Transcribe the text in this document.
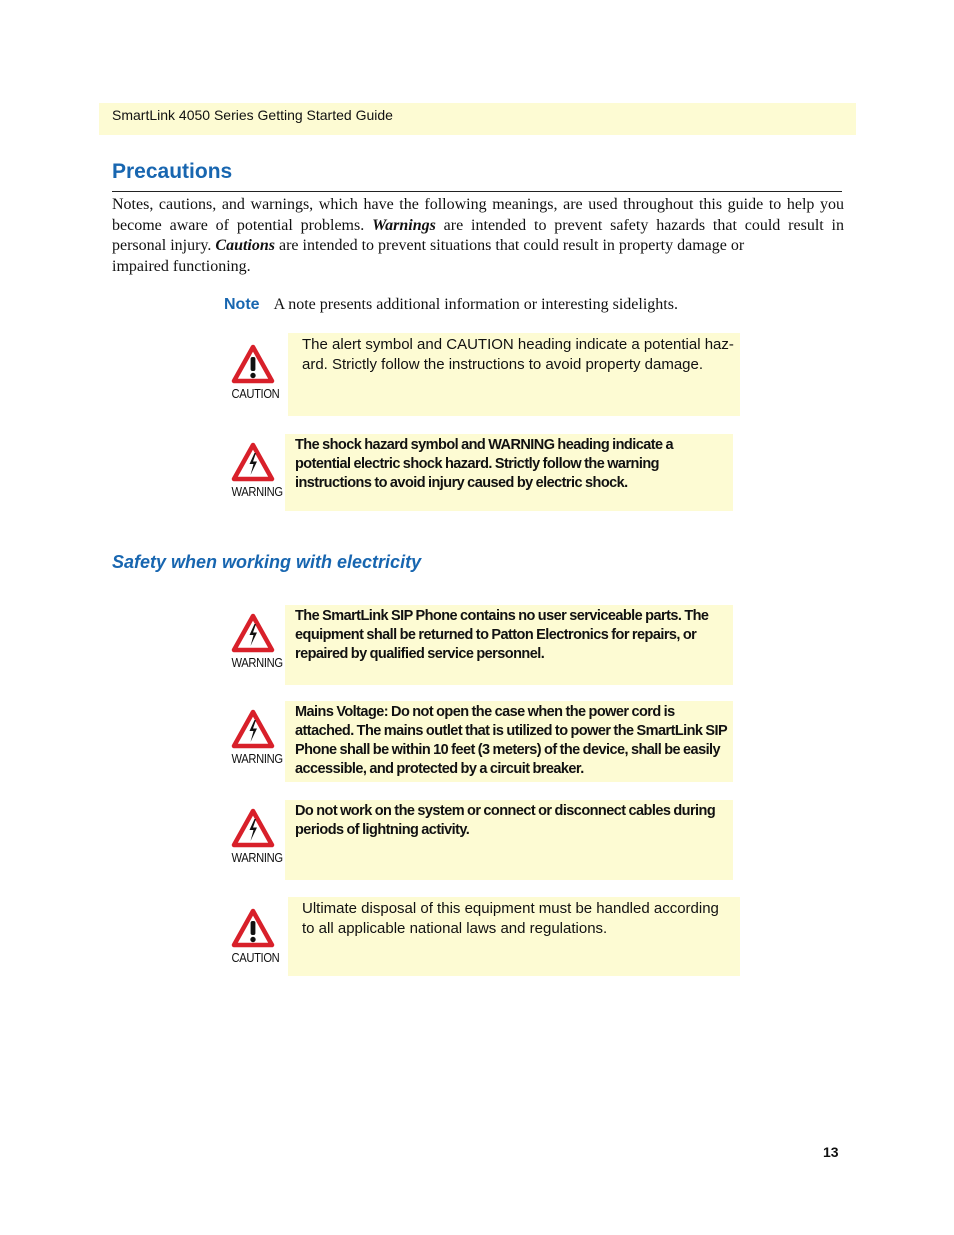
SmartLink 4050 Series Getting Started Guide
Precautions

Notes, cautions, and warnings, which have the following meanings, are used throughout this guide to help you become aware of potential problems. Warnings are intended to prevent safety hazards that could result in personal injury. Cautions are intended to prevent situations that could result in property damage or
impaired functioning.

Note A note presents additional information or interesting sidelights.
CAUTION
The alert symbol and CAUTION heading indicate a potential haz-ard. Strictly follow the instructions to avoid property damage.
WARNING
The shock hazard symbol and WARNING heading indicate a potential electric shock hazard. Strictly follow the warning instructions to avoid injury caused by electric shock.
Safety when working with electricity
WARNING
The SmartLink SIP Phone contains no user serviceable parts. The equipment shall be returned to Patton Electronics for repairs, or repaired by qualified service personnel.
WARNING
Mains Voltage: Do not open the case when the power cord is attached. The mains outlet that is utilized to power the SmartLink SIP Phone shall be within 10 feet (3 meters) of the device, shall be easily accessible, and protected by a circuit breaker.
WARNING
Do not work on the system or connect or disconnect cables during periods of lightning activity.
CAUTION
Ultimate disposal of this equipment must be handled according to all applicable national laws and regulations.
13
